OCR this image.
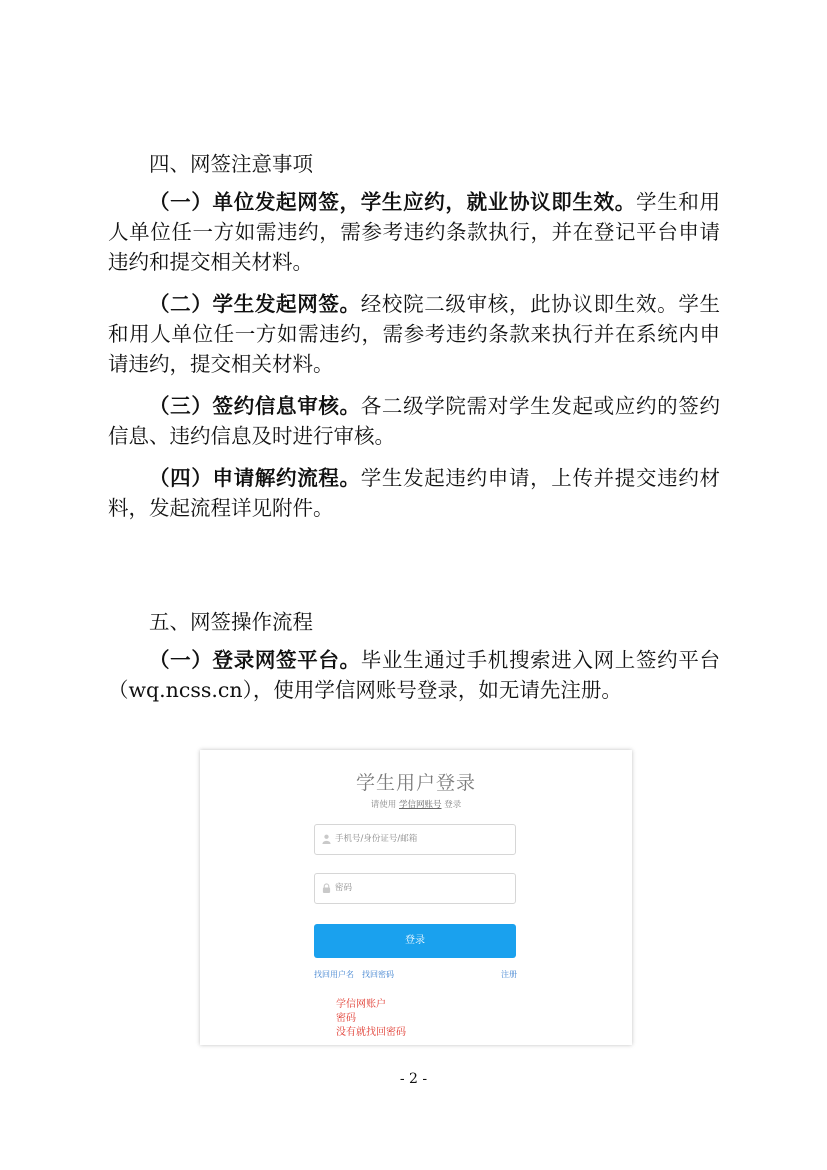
四、网签注意事项

（一）单位发起网签，学生应约，就业协议即生效。学生和用人单位任一方如需违约，需参考违约条款执行，并在登记平台申请违约和提交相关材料。

（二）学生发起网签。经校院二级审核，此协议即生效。学生和用人单位任一方如需违约，需参考违约条款来执行并在系统内申请违约，提交相关材料。

（三）签约信息审核。各二级学院需对学生发起或应约的签约信息、违约信息及时进行审核。

（四）申请解约流程。学生发起违约申请，上传并提交违约材料，发起流程详见附件。

五、网签操作流程

（一）登录网签平台。毕业生通过手机搜索进入网上签约平台（wq.ncss.cn），使用学信网账号登录，如无请先注册。

学生用户登录
请使用 学信网账号 登录
手机号/身份证号/邮箱
密码
登录
找回用户名 找回密码	注册
学信网账户
密码
没有就找回密码
- 2 -
